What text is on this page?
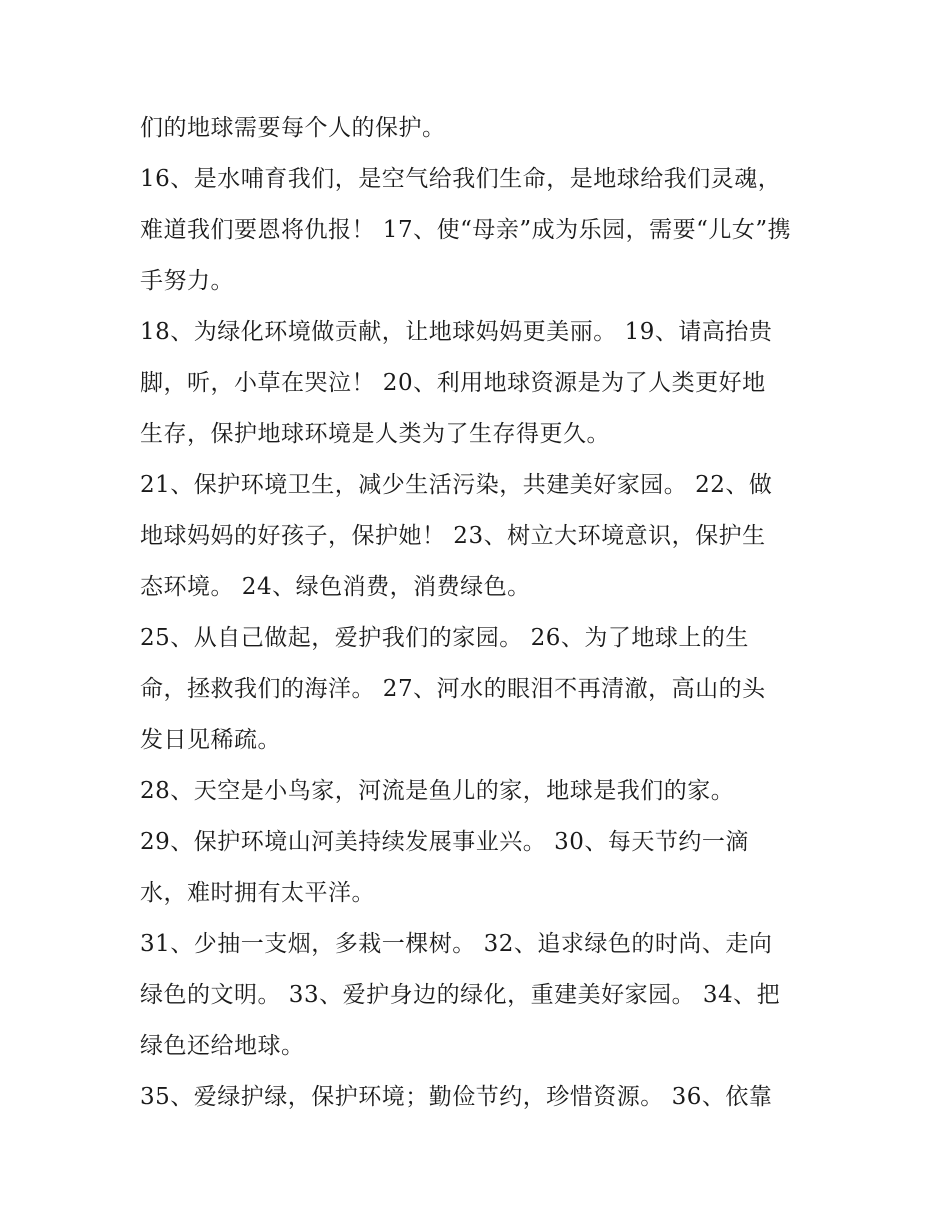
们的地球需要每个人的保护。
16、是水哺育我们，是空气给我们生命，是地球给我们灵魂，
难道我们要恩将仇报！ 17、使“母亲”成为乐园，需要“儿女”携
手努力。
18、为绿化环境做贡献，让地球妈妈更美丽。 19、请高抬贵
脚，听，小草在哭泣！ 20、利用地球资源是为了人类更好地
生存，保护地球环境是人类为了生存得更久。
21、保护环境卫生，减少生活污染，共建美好家园。 22、做
地球妈妈的好孩子，保护她！ 23、树立大环境意识，保护生
态环境。 24、绿色消费，消费绿色。
25、从自己做起，爱护我们的家园。 26、为了地球上的生
命，拯救我们的海洋。 27、河水的眼泪不再清澈，高山的头
发日见稀疏。
28、天空是小鸟家，河流是鱼儿的家，地球是我们的家。
29、保护环境山河美持续发展事业兴。 30、每天节约一滴
水，难时拥有太平洋。
31、少抽一支烟，多栽一棵树。 32、追求绿色的时尚、走向
绿色的文明。 33、爱护身边的绿化，重建美好家园。 34、把
绿色还给地球。
35、爱绿护绿，保护环境；勤俭节约，珍惜资源。 36、依靠
